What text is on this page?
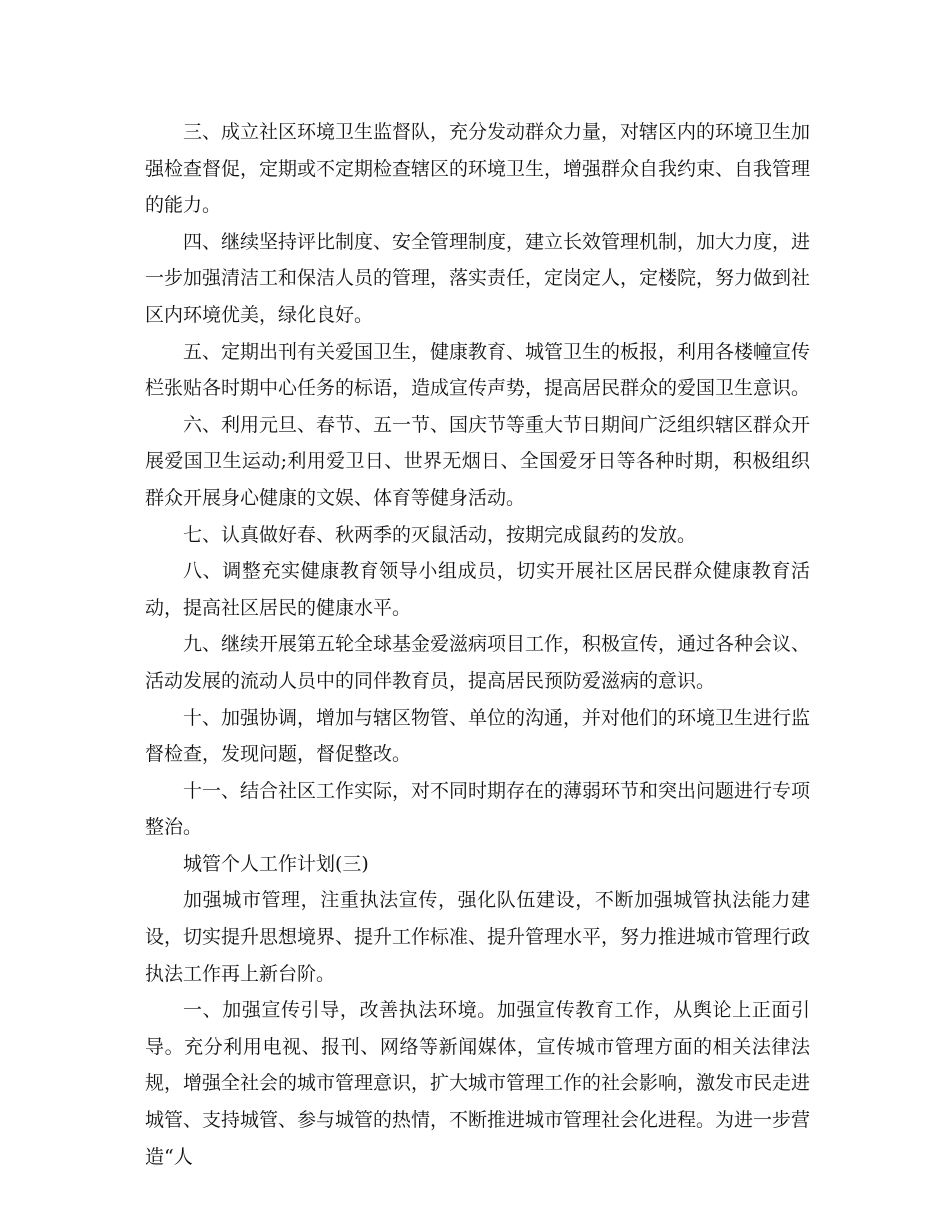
三、成立社区环境卫生监督队，充分发动群众力量，对辖区内的环境卫生加强检查督促，定期或不定期检查辖区的环境卫生，增强群众自我约束、自我管理的能力。

四、继续坚持评比制度、安全管理制度，建立长效管理机制，加大力度，进一步加强清洁工和保洁人员的管理，落实责任，定岗定人，定楼院，努力做到社区内环境优美，绿化良好。

五、定期出刊有关爱国卫生，健康教育、城管卫生的板报，利用各楼幢宣传栏张贴各时期中心任务的标语，造成宣传声势，提高居民群众的爱国卫生意识。

六、利用元旦、春节、五一节、国庆节等重大节日期间广泛组织辖区群众开展爱国卫生运动;利用爱卫日、世界无烟日、全国爱牙日等各种时期，积极组织群众开展身心健康的文娱、体育等健身活动。

七、认真做好春、秋两季的灭鼠活动，按期完成鼠药的发放。

八、调整充实健康教育领导小组成员，切实开展社区居民群众健康教育活动，提高社区居民的健康水平。

九、继续开展第五轮全球基金爱滋病项目工作，积极宣传，通过各种会议、活动发展的流动人员中的同伴教育员，提高居民预防爱滋病的意识。

十、加强协调，增加与辖区物管、单位的沟通，并对他们的环境卫生进行监督检查，发现问题，督促整改。

十一、结合社区工作实际，对不同时期存在的薄弱环节和突出问题进行专项整治。

城管个人工作计划(三)

加强城市管理，注重执法宣传，强化队伍建设，不断加强城管执法能力建设，切实提升思想境界、提升工作标准、提升管理水平，努力推进城市管理行政执法工作再上新台阶。

一、加强宣传引导，改善执法环境。加强宣传教育工作，从舆论上正面引导。充分利用电视、报刊、网络等新闻媒体，宣传城市管理方面的相关法律法规，增强全社会的城市管理意识，扩大城市管理工作的社会影响，激发市民走进城管、支持城管、参与城管的热情，不断推进城市管理社会化进程。为进一步营造“人
